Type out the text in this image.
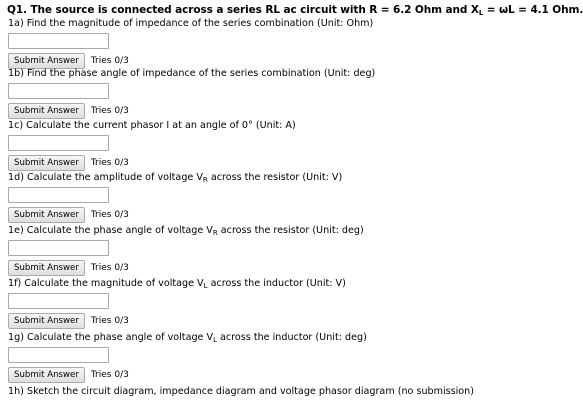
Q1. The source is connected across a series RL ac circuit with R = 6.2 Ohm and $X_L = \omega L = 4.1$ Ohm.
1a) Find the magnitude of impedance of the series combination (Unit: Ohm)
Submit Answer	Tries 0/3
1b) Find the phase angle of impedance of the series combination (Unit: deg)
Submit Answer	Tries 0/3
1c) Calculate the current phasor I at an angle of 0° (Unit: A)
Submit Answer	Tries 0/3
1d) Calculate the amplitude of voltage $V_R$ across the resistor (Unit: V)
Submit Answer	Tries 0/3
1e) Calculate the phase angle of voltage $V_R$ across the resistor (Unit: deg)
Submit Answer	Tries 0/3
1f) Calculate the magnitude of voltage $V_L$ across the inductor (Unit: V)
Submit Answer	Tries 0/3
1g) Calculate the phase angle of voltage $V_L$ across the inductor (Unit: deg)
Submit Answer	Tries 0/3
1h) Sketch the circuit diagram, impedance diagram and voltage phasor diagram (no submission)
